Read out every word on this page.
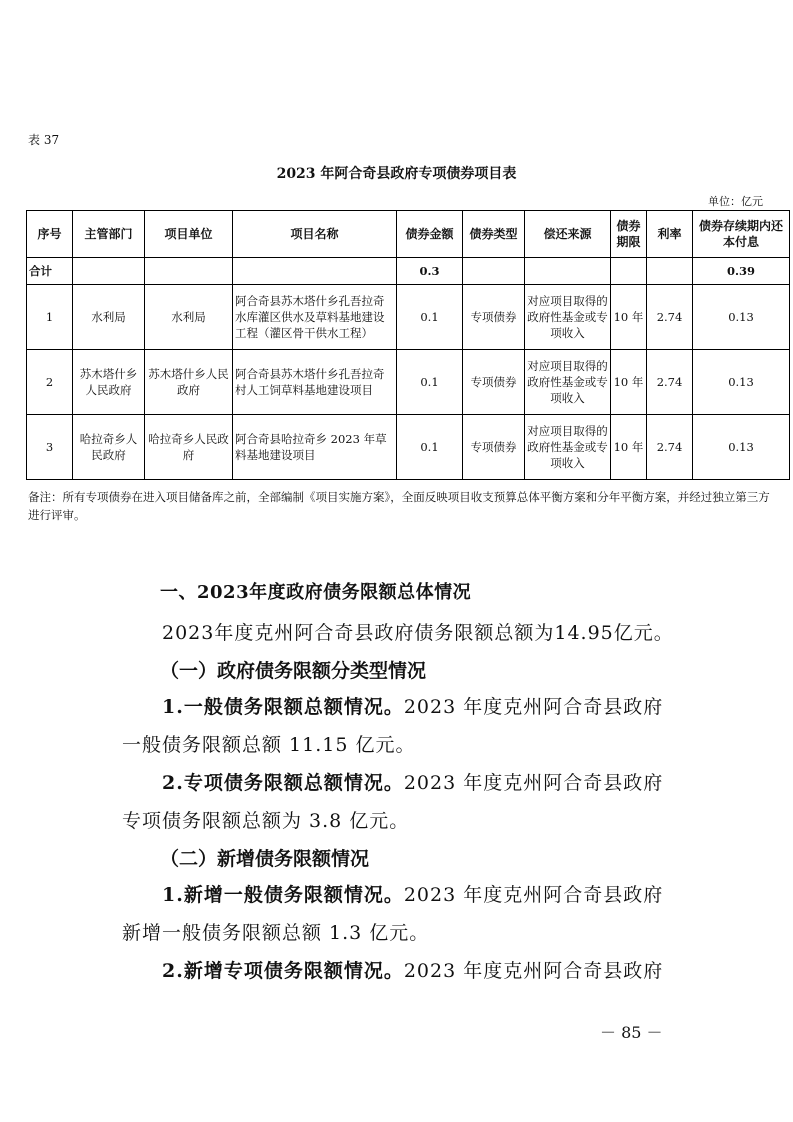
表 37
2023 年阿合奇县政府专项债券项目表
单位：亿元
序号	主管部门	项目单位	项目名称	债券金额	债券类型	偿还来源	债券期限	利率	债券存续期内还本付息
合计				0.3					0.39
1	水利局	水利局	阿合奇县苏木塔什乡孔吾拉奇水库灌区供水及草料基地建设工程（灌区骨干供水工程）	0.1	专项债券	对应项目取得的政府性基金或专项收入	10 年	2.74	0.13
2	苏木塔什乡人民政府	苏木塔什乡人民政府	阿合奇县苏木塔什乡孔吾拉奇村人工饲草料基地建设项目	0.1	专项债券	对应项目取得的政府性基金或专项收入	10 年	2.74	0.13
3	哈拉奇乡人民政府	哈拉奇乡人民政府	阿合奇县哈拉奇乡 2023 年草料基地建设项目	0.1	专项债券	对应项目取得的政府性基金或专项收入	10 年	2.74	0.13
备注：所有专项债券在进入项目储备库之前，全部编制《项目实施方案》，全面反映项目收支预算总体平衡方案和分年平衡方案，并经过独立第三方进行评审。
一、2023年度政府债务限额总体情况
2023年度克州阿合奇县政府债务限额总额为14.95亿元。
（一）政府债务限额分类型情况
1.一般债务限额总额情况。2023 年度克州阿合奇县政府
一般债务限额总额 11.15 亿元。
2.专项债务限额总额情况。2023 年度克州阿合奇县政府
专项债务限额总额为 3.8 亿元。
（二）新增债务限额情况
1.新增一般债务限额情况。2023 年度克州阿合奇县政府
新增一般债务限额总额 1.3 亿元。
2.新增专项债务限额情况。2023 年度克州阿合奇县政府
－ 85 －
